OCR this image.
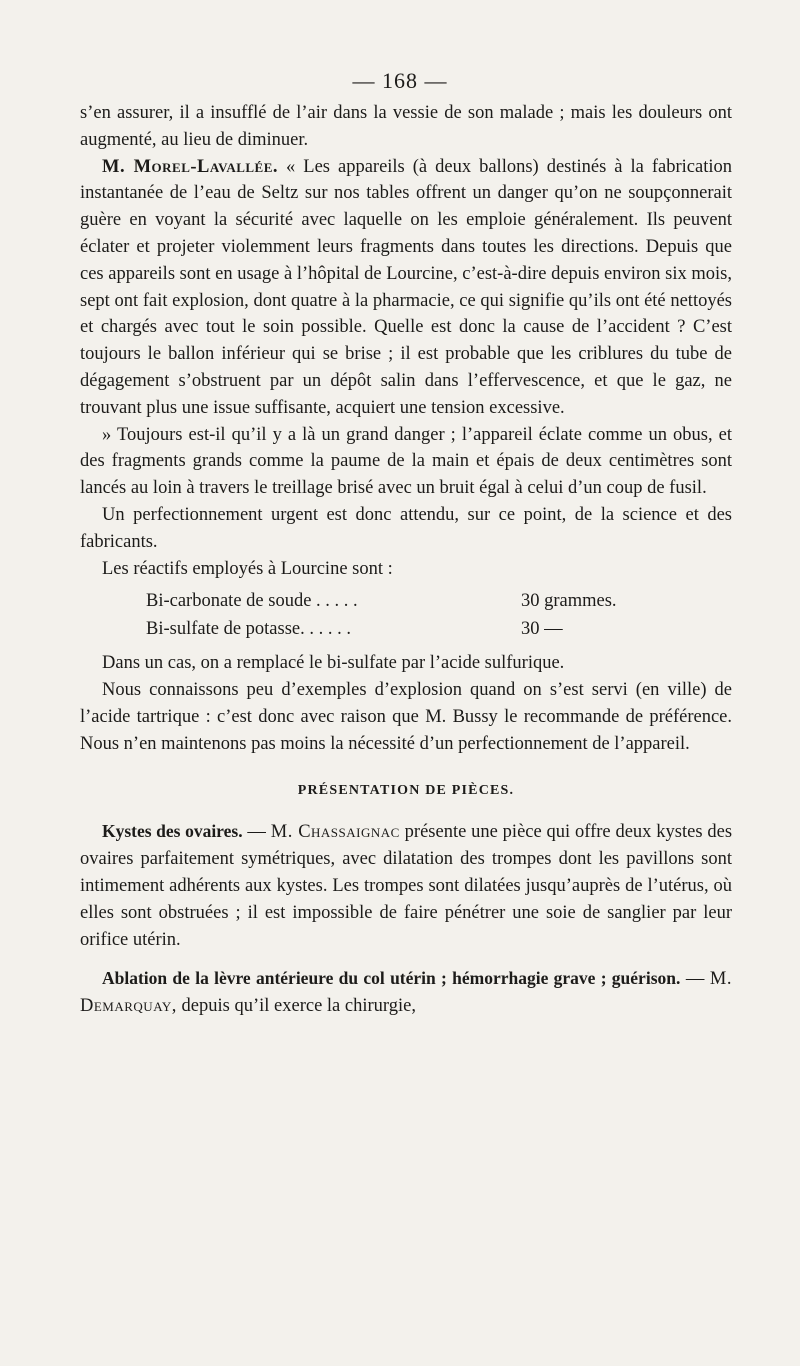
— 168 —

s’en assurer, il a insufflé de l’air dans la vessie de son malade ; mais les douleurs ont augmenté, au lieu de diminuer.

M. Morel-Lavallée. « Les appareils (à deux ballons) destinés à la fabrication instantanée de l’eau de Seltz sur nos tables offrent un danger qu’on ne soupçonnerait guère en voyant la sécurité avec laquelle on les emploie généralement. Ils peuvent éclater et projeter violemment leurs fragments dans toutes les directions. Depuis que ces appareils sont en usage à l’hôpital de Lourcine, c’est-à-dire depuis environ six mois, sept ont fait explosion, dont quatre à la pharmacie, ce qui signifie qu’ils ont été nettoyés et chargés avec tout le soin possible. Quelle est donc la cause de l’accident ? C’est toujours le ballon inférieur qui se brise ; il est probable que les criblures du tube de dégagement s’obstruent par un dépôt salin dans l’effervescence, et que le gaz, ne trouvant plus une issue suffisante, acquiert une tension excessive.

» Toujours est-il qu’il y a là un grand danger ; l’appareil éclate comme un obus, et des fragments grands comme la paume de la main et épais de deux centimètres sont lancés au loin à travers le treillage brisé avec un bruit égal à celui d’un coup de fusil.

Un perfectionnement urgent est donc attendu, sur ce point, de la science et des fabricants.

Les réactifs employés à Lourcine sont :

Bi-carbonate de soude . . . . .	30 grammes.
Bi-sulfate de potasse. . . . . .	30 —

Dans un cas, on a remplacé le bi-sulfate par l’acide sulfurique.

Nous connaissons peu d’exemples d’explosion quand on s’est servi (en ville) de l’acide tartrique : c’est donc avec raison que M. Bussy le recommande de préférence. Nous n’en maintenons pas moins la nécessité d’un perfectionnement de l’appareil.

PRÉSENTATION DE PIÈCES.

Kystes des ovaires. — M. Chassaignac présente une pièce qui offre deux kystes des ovaires parfaitement symétriques, avec dilatation des trompes dont les pavillons sont intimement adhérents aux kystes. Les trompes sont dilatées jusqu’auprès de l’utérus, où elles sont obstruées ; il est impossible de faire pénétrer une soie de sanglier par leur orifice utérin.

Ablation de la lèvre antérieure du col utérin ; hémorrhagie grave ; guérison. — M. Demarquay, depuis qu’il exerce la chirurgie,
